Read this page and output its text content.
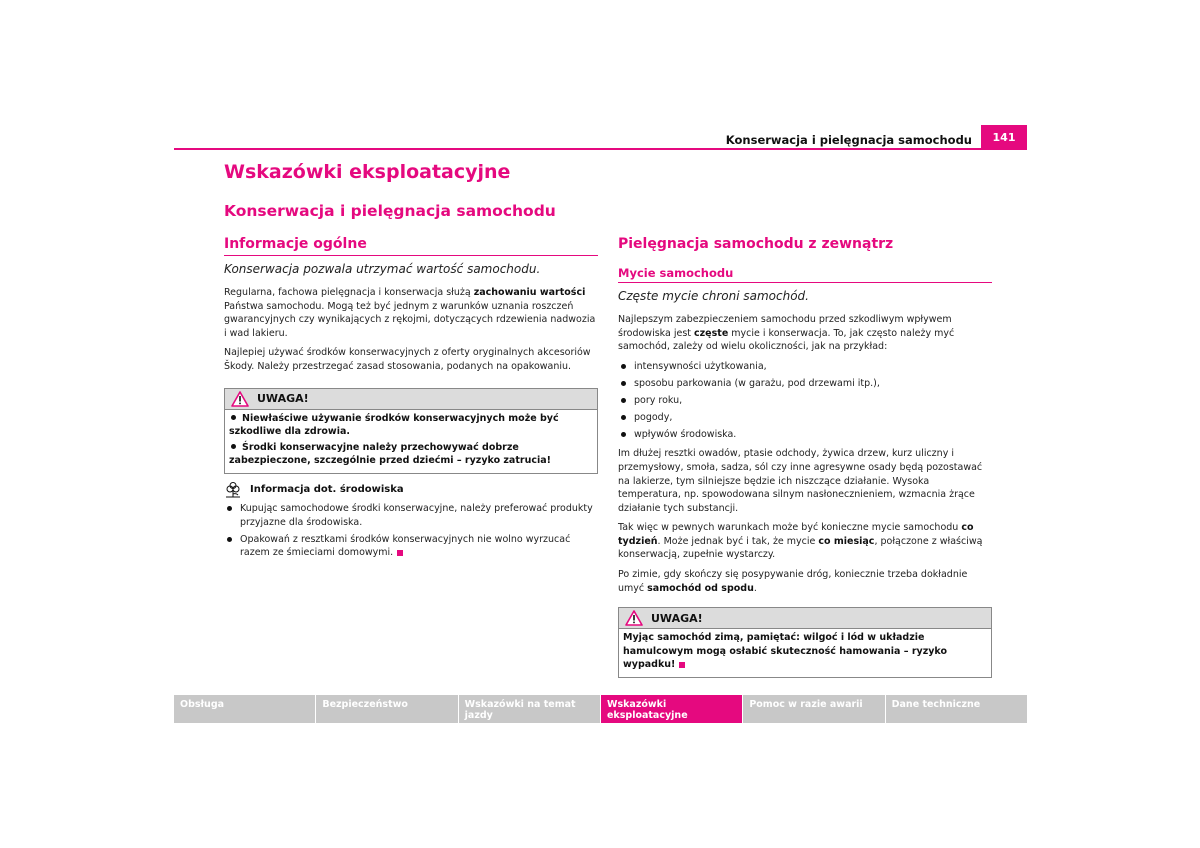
Konserwacja i pielęgnacja samochodu	141
Wskazówki eksploatacyjne
Konserwacja i pielęgnacja samochodu
Informacje ogólne
Konserwacja pozwala utrzymać wartość samochodu.

Regularna, fachowa pielęgnacja i konserwacja służą zachowaniu wartości Państwa samochodu. Mogą też być jednym z warunków uznania roszczeń gwarancyjnych czy wynikających z rękojmi, dotyczących rdzewienia nadwozia i wad lakieru.

Najlepiej używać środków konserwacyjnych z oferty oryginalnych akcesoriów Škody. Należy przestrzegać zasad stosowania, podanych na opakowaniu.

UWAGA!
Niewłaściwe używanie środków konserwacyjnych może być szkodliwe dla zdrowia.
Środki konserwacyjne należy przechowywać dobrze zabezpieczone, szczególnie przed dziećmi – ryzyko zatrucia!
Informacja dot. środowiska
Kupując samochodowe środki konserwacyjne, należy preferować produkty przyjazne dla środowiska.
Opakowań z resztkami środków konserwacyjnych nie wolno wyrzucać razem ze śmieciami domowymi.
Pielęgnacja samochodu z zewnątrz
Mycie samochodu
Częste mycie chroni samochód.

Najlepszym zabezpieczeniem samochodu przed szkodliwym wpływem środowiska jest częste mycie i konserwacja. To, jak często należy myć samochód, zależy od wielu okoliczności, jak na przykład:

intensywności użytkowania,
sposobu parkowania (w garażu, pod drzewami itp.),
pory roku,
pogody,
wpływów środowiska.

Im dłużej resztki owadów, ptasie odchody, żywica drzew, kurz uliczny i przemysłowy, smoła, sadza, sól czy inne agresywne osady będą pozostawać na lakierze, tym silniejsze będzie ich niszczące działanie. Wysoka temperatura, np. spowodowana silnym nasłonecznieniem, wzmacnia żrące działanie tych substancji.

Tak więc w pewnych warunkach może być konieczne mycie samochodu co tydzień. Może jednak być i tak, że mycie co miesiąc, połączone z właściwą konserwacją, zupełnie wystarczy.

Po zimie, gdy skończy się posypywanie dróg, koniecznie trzeba dokładnie umyć samochód od spodu.

UWAGA!
Myjąc samochód zimą, pamiętać: wilgoć i lód w układzie hamulcowym mogą osłabić skuteczność hamowania – ryzyko wypadku!
Obsługa	Bezpieczeństwo	Wskazówki na temat jazdy
Wskazówki eksploatacyjne
Pomoc w razie awarii	Dane techniczne
